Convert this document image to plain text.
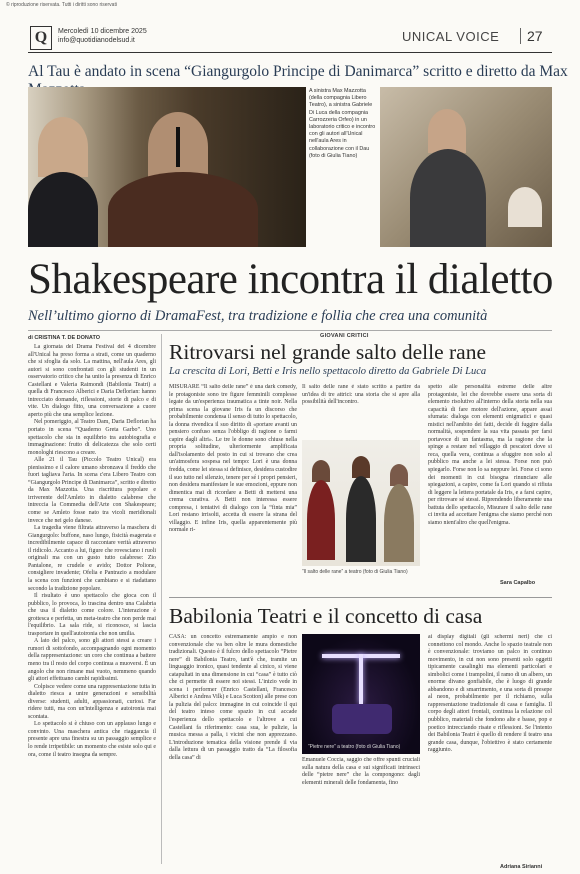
© riproduzione riservata. Tutti i diritti sono riservati
Q	Mercoledì 10 dicembre 2025
info@quotidianodelsud.it	UNICAL VOICE	27
Al Tau è andato in scena “Giangurgolo Principe di Danimarca” scritto e diretto da Max
A sinistra Max Mazzotta (della compagnia Libero Teatro), a sinistra Gabriele Di Luca della compagnia Carrozzeria Orfeo) in un laboratorio critico e incontro con gli autori all'Unical nell'aula Ares in collaborazione con il Dau (foto di Giulia Tiano)
Shakespeare incontra il dialetto
Nell’ultimo giorno di DramaFest, tra tradizione e follia che crea una comunità
di CRISTINA T. DE DONATO

La giornata del Drama Festival del 4 dicembre all'Unical ha preso forma a strati, come un quaderno che si sfoglia da solo. La mattina, nell'aula Ares, gli autori si sono confrontati con gli studenti in un osservatorio critico che ha unito la presenza di Enrico Castellani e Valeria Raimondi (Babilonia Teatri) a quella di Francesco Alberici e Daria Deflorian: hanno intrecciato domande, riflessioni, storie di palco e di vite. Un dialogo fitto, una conversazione a cuore aperto più che una semplice lezione.

Nel pomeriggio, al Teatro Dam, Daria Deflorian ha portato in scena “Quaderno Greta Garbo”. Uno spettacolo che sta in equilibrio tra autobiografia e immaginazione: frutto di delicatezza che solo certi monologhi riescono a creare.

Alle 21 il Tau (Piccolo Teatro Unical) era pienissimo e il calore umano sbronzava il freddo che fuori tagliava l'aria. In scena c'era Libero Teatro con “Giangurgolo Principe di Danimarca”, scritto e diretto da Max Mazzotta. Una riscrittura popolare e irriverente dell'Amleto in dialetto calabrese che intreccia la Commedia dell'Arte con Shakespeare; come se Amleto fosse nato tra vicoli meridionali invece che nei gelo danese.

La tragedia viene filtrata attraverso la maschera di Giangurgolo: buffone, naso lungo, fisicità esagerata e incredibilmente capace di raccontare verità attraverso il ridicolo. Accanto a lui, figure che rovesciano i ruoli originali ma con un gusto tutto calabrese: Zio Pantalone, re crudele e avido; Dottor Polione, consigliere invadente; Ofelia e Pantrazio a modulare la scena con funzioni che cambiano e si riadattano secondo la tradizione popolare.

Il risultato è uno spettacolo che gioca con il pubblico, lo provoca, lo trascina dentro una Calabria che usa il dialetto come colore. L'interazione è grottesca e perfetta, un meta-teatro che non perde mai l'equilibrio. La sala ride, si riconosce, si lascia trasportare in quell'autoironia che non umilia.

A lato del palco, sono gli attori stessi a creare i rumori di sottofondo, accompagnando ogni momento della rappresentazione: un coro che continua a battere meno tra il resto del corpo continua a muoversi. È un angolo che non rimane mai vuoto, nemmeno quando gli attori effettuano cambi rapidissimi.

Colpisce vedere come una rappresentazione tutta in dialetto riesca a unire generazioni e sensibilità diverse: studenti, adulti, appassionati, curiosi. Far ridere tutti, ma con un'intelligenza e autoironia mai scontata.

Lo spettacolo si è chiuso con un applauso lungo e convinto. Una maschera antica che riaggancia il presente apre una finestra su un passaggio semplice e lo rende irripetibile: un momento che esiste solo qui e ora, come il teatro insegna da sempre.

GIOVANI CRITICI
Ritrovarsi nel grande salto delle rane
La crescita di Lori, Betti e Iris nello spettacolo diretto da Gabriele Di Luca
MISURARE “Il salto delle rane” è una dark comedy, le protagoniste sono tre figure femminili complesse legate da un'esperienza traumatica a tinte noir. Nella prima scena la giovane Iris fa un discorso che probabilmente condensa il senso di tutto lo spettacolo, la donna rivendica il suo diritto di «portare avanti un pensiero confuso senza l'obbligo di ragione o farmi capire dagli altri». Le tre le donne sono chiuse nella propria solitudine, ulteriormente amplificata dall'isolamento del posto in cui si trovano che crea un'atmosfera sospesa nel tempo: Lori è una donna fredda, come lei stessa si definisce, desidera custodire il suo tutto nel silenzio, tenere per sé i propri pensieri, non desidera manifestare le sue emozioni, eppure non dimentica mai di ricordare a Betti di mettersi una crema curativa. A Betti non interessa essere compresa, i tentativi di dialogo con la “finta mia” Lori restano irrisolti, accetta di essere la strana del villaggio. E infine Iris, quella apparentemente più normale ri-
Il salto delle rane è stato scritto a partire da un'idea di tre attrici: una storia che si apre alla possibilità dell'incontro.
“Il salto delle rane” a teatro (foto di Giulia Tiano)
spetto alle personalità estreme delle altre protagoniste, lei che dovrebbe essere una sorta di elemento risolutivo all'interno della storia nella sua capacità di fare motore dell'azione, appare assai sfumata: dialoga con elementi enigmatici e quasi mistici nell'ambito dei fatti, decide di fuggire dalla normalità, sospendere la sua vita passata per farsi portavoce di un fantasma, ma la ragione che la spinge a restare nel villaggio di pescatori dove si reca, quella vera, continua a sfuggire non solo al pubblico ma anche a lei stessa. Forse non può spiegarlo. Forse non lo sa neppure lei. Forse ci sono dei momenti in cui bisogna rinunciare alle spiegazioni, a capire, come fa Lori quando si rifiuta di leggere la lettera portatale da Iris, e a farsi capire, per ritrovare sé stessi. Riprendendo liberamente una battuta dello spettacolo, Misurare il salto delle rane ci invita ad accettare l'enigma che siamo perché non siamo nient'altro che quell'enigma.
Sara Capalbo
Babilonia Teatri e il concetto di casa
CASA: un concetto estremamente ampio e non convenzionale che va ben oltre le mura domestiche tradizionali. Questo è il fulcro dello spettacolo “Pietre nere” di Babilonia Teatro, tant'è che, tramite un linguaggio ironico, quasi tendente al cinico, si viene catapultati in una dimensione in cui “casa” è tutto ciò che ci permette di essere noi stessi. L'inizio vede in scena i performer (Enrico Castellani, Francesco Alberici e Andrea Vilk) e Luca Scotton) alle prese con la pulizia del palco: immagine in cui coincide il qui del teatro inteso come spazio in cui accade l'esperienza dello spettacolo e l'altrove a cui Castellani fa riferimento: casa sua, le pulizie, la musica messa a palla, i vicini che non apprezzano. L'introduzione tematica della visione prende il via dalla lettura di un passaggio tratto da “La filosofia della casa” di
“Pietre nere” a teatro (foto di Giulia Tiano)
Emanuele Coccia, saggio che offre spunti cruciali sulla natura della casa e sui significati intrinseci delle “pietre nere” che la compongono: dagli elementi minerali delle fondamenta, fino
ai display digitali (gli schermi neri) che ci connettono col mondo. Anche lo spazio teatrale non è convenzionale: troviamo un palco in continuo movimento, in cui non sono presenti solo oggetti tipicamente casalinghi ma elementi particolari e simbolici come i trampolini, il ramo di un albero, un enorme divano gonfiabile, che è luogo di grande abbandono e di smarrimento, e una sorta di presepe al neon, probabilmente per il richiamo, sulla rappresentazione tradizionale di casa e famiglia. Il corpo degli attori frontali, continua la relazione col pubblico, materiali che fondono alte e basse, pop e poetico intrecciando risate e riflessioni. Se l'intento dei Babilonia Teatri è quello di rendere il teatro una grande casa, dunque, l'obiettivo è stato certamente raggiunto.
Adriana Sirianni
